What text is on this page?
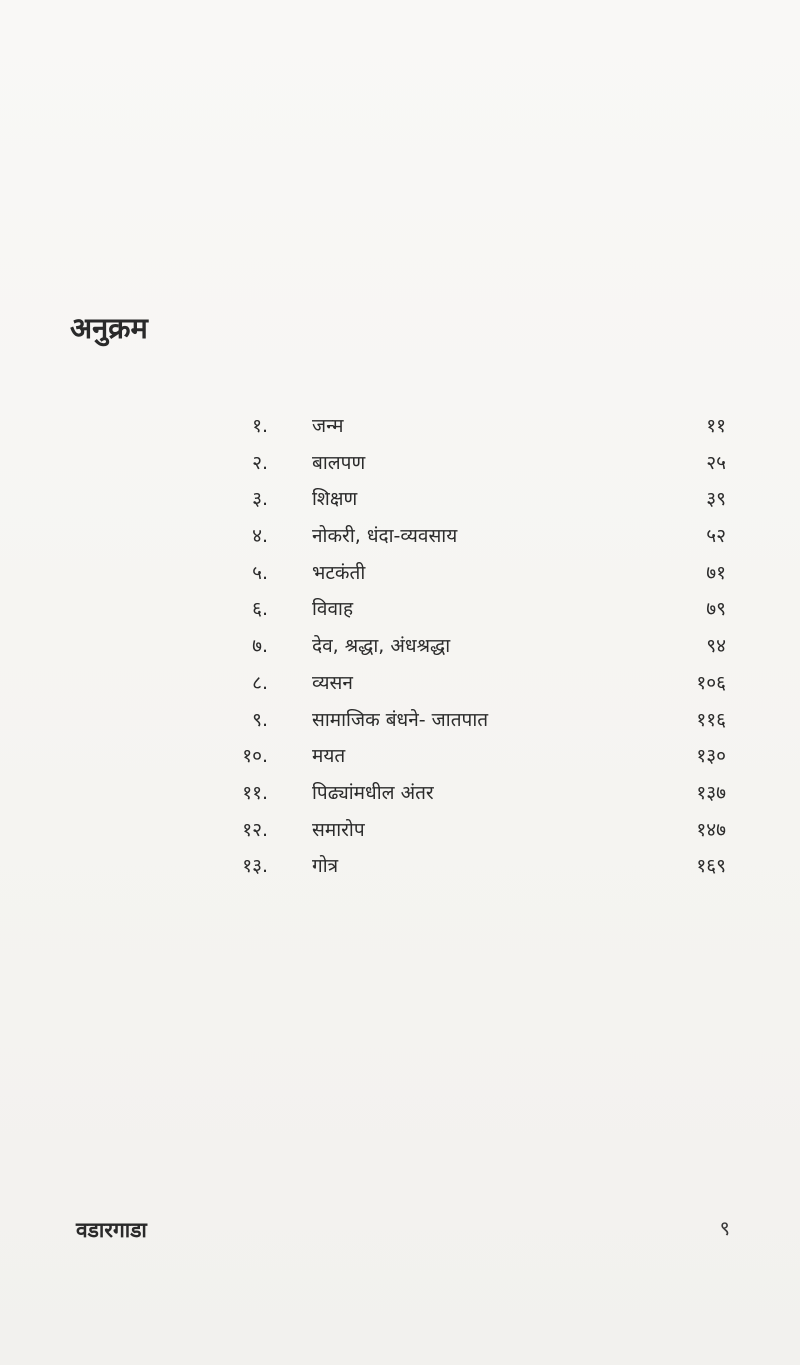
अनुक्रम
१. जन्म	११
२. बालपण	२५
३. शिक्षण	३९
४. नोकरी, धंदा-व्यवसाय	५२
५. भटकंती	७१
६. विवाह	७९
७. देव, श्रद्धा, अंधश्रद्धा	९४
८. व्यसन	१०६
९. सामाजिक बंधने- जातपात	११६
१०. मयत	१३०
११. पिढ्यांमधील अंतर	१३७
१२. समारोप	१४७
१३. गोत्र	१६९
वडारगाडा	९
